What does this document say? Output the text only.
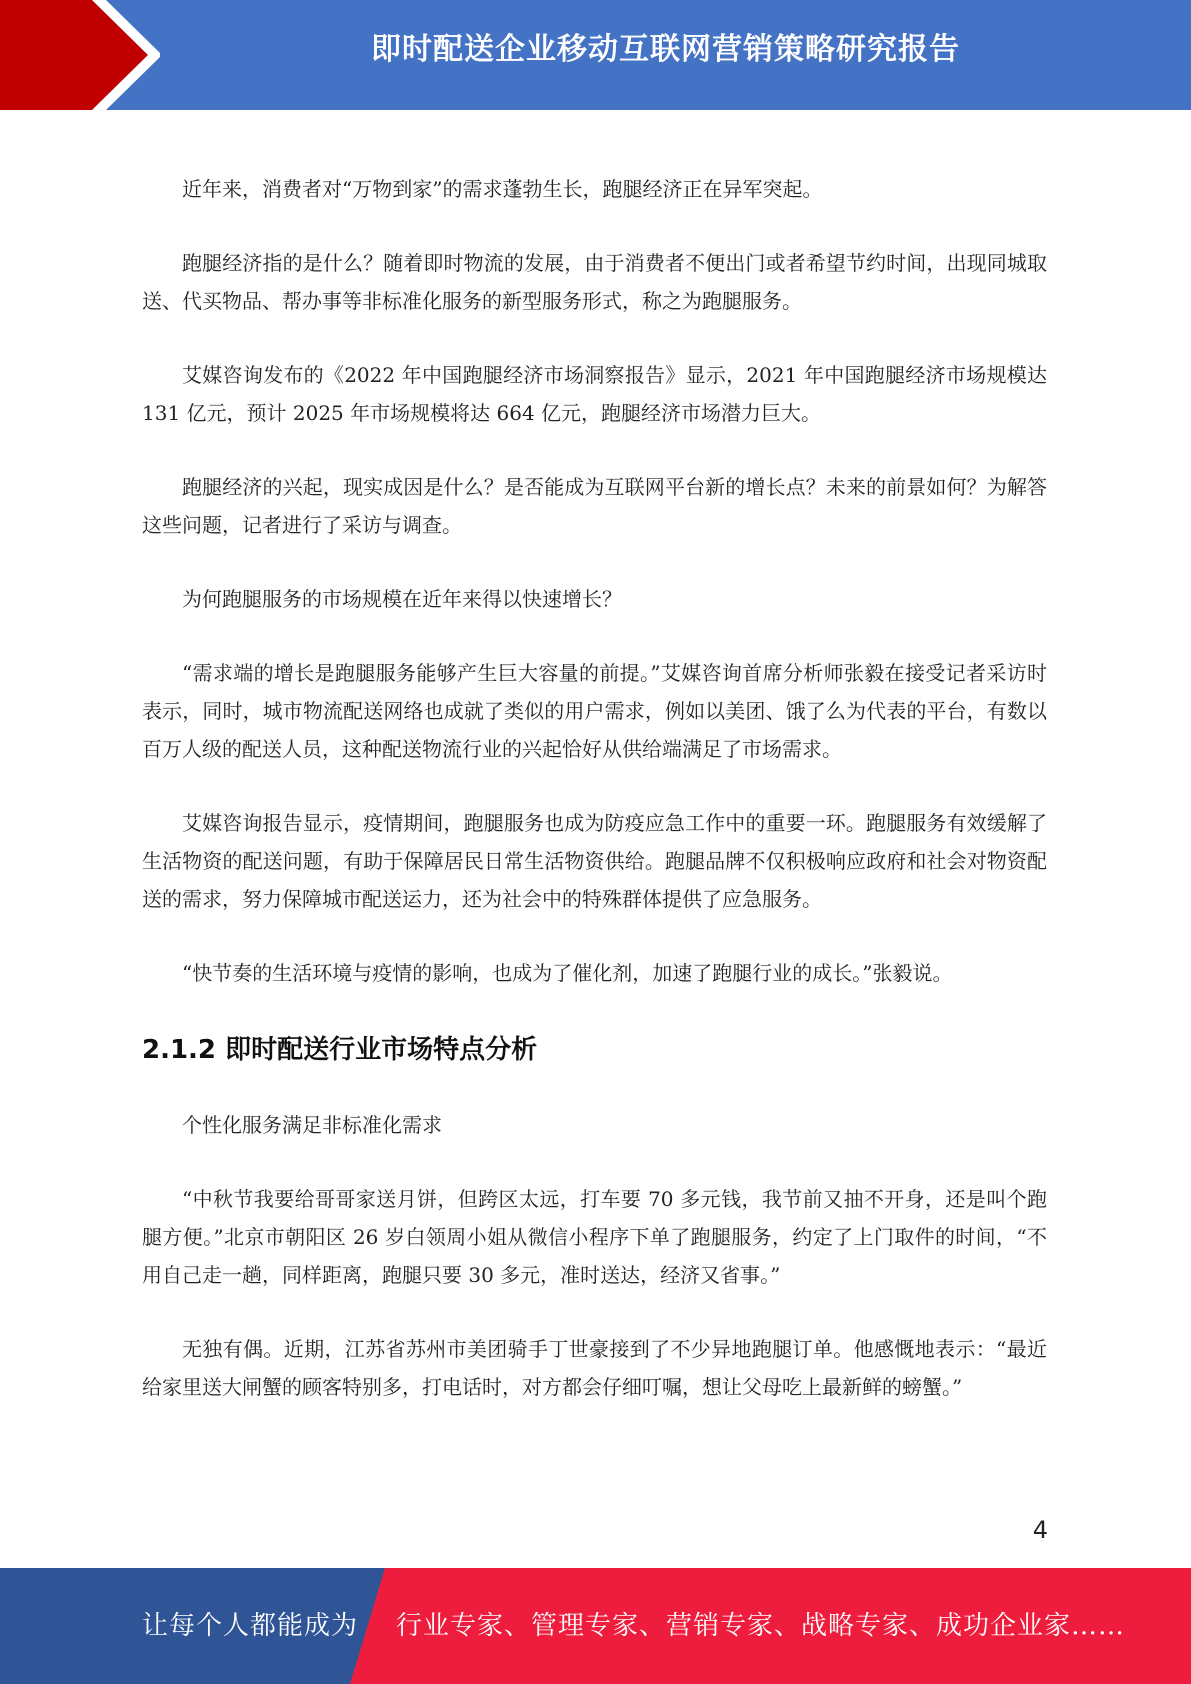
即时配送企业移动互联网营销策略研究报告

近年来，消费者对“万物到家”的需求蓬勃生长，跑腿经济正在异军突起。

跑腿经济指的是什么？随着即时物流的发展，由于消费者不便出门或者希望节约时间，出现同城取送、代买物品、帮办事等非标准化服务的新型服务形式，称之为跑腿服务。

艾媒咨询发布的《2022 年中国跑腿经济市场洞察报告》显示，2021 年中国跑腿经济市场规模达 131 亿元，预计 2025 年市场规模将达 664 亿元，跑腿经济市场潜力巨大。

跑腿经济的兴起，现实成因是什么？是否能成为互联网平台新的增长点？未来的前景如何？为解答这些问题，记者进行了采访与调查。

为何跑腿服务的市场规模在近年来得以快速增长？

“需求端的增长是跑腿服务能够产生巨大容量的前提。”艾媒咨询首席分析师张毅在接受记者采访时表示，同时，城市物流配送网络也成就了类似的用户需求，例如以美团、饿了么为代表的平台，有数以百万人级的配送人员，这种配送物流行业的兴起恰好从供给端满足了市场需求。

艾媒咨询报告显示，疫情期间，跑腿服务也成为防疫应急工作中的重要一环。跑腿服务有效缓解了生活物资的配送问题，有助于保障居民日常生活物资供给。跑腿品牌不仅积极响应政府和社会对物资配送的需求，努力保障城市配送运力，还为社会中的特殊群体提供了应急服务。

“快节奏的生活环境与疫情的影响，也成为了催化剂，加速了跑腿行业的成长。”张毅说。

2.1.2 即时配送行业市场特点分析

个性化服务满足非标准化需求

“中秋节我要给哥哥家送月饼，但跨区太远，打车要 70 多元钱，我节前又抽不开身，还是叫个跑腿方便。”北京市朝阳区 26 岁白领周小姐从微信小程序下单了跑腿服务，约定了上门取件的时间，“不用自己走一趟，同样距离，跑腿只要 30 多元，准时送达，经济又省事。”

无独有偶。近期，江苏省苏州市美团骑手丁世豪接到了不少异地跑腿订单。他感慨地表示：“最近给家里送大闸蟹的顾客特别多，打电话时，对方都会仔细叮嘱，想让父母吃上最新鲜的螃蟹。”

4
让每个人都能成为 行业专家、管理专家、营销专家、战略专家、成功企业家……
